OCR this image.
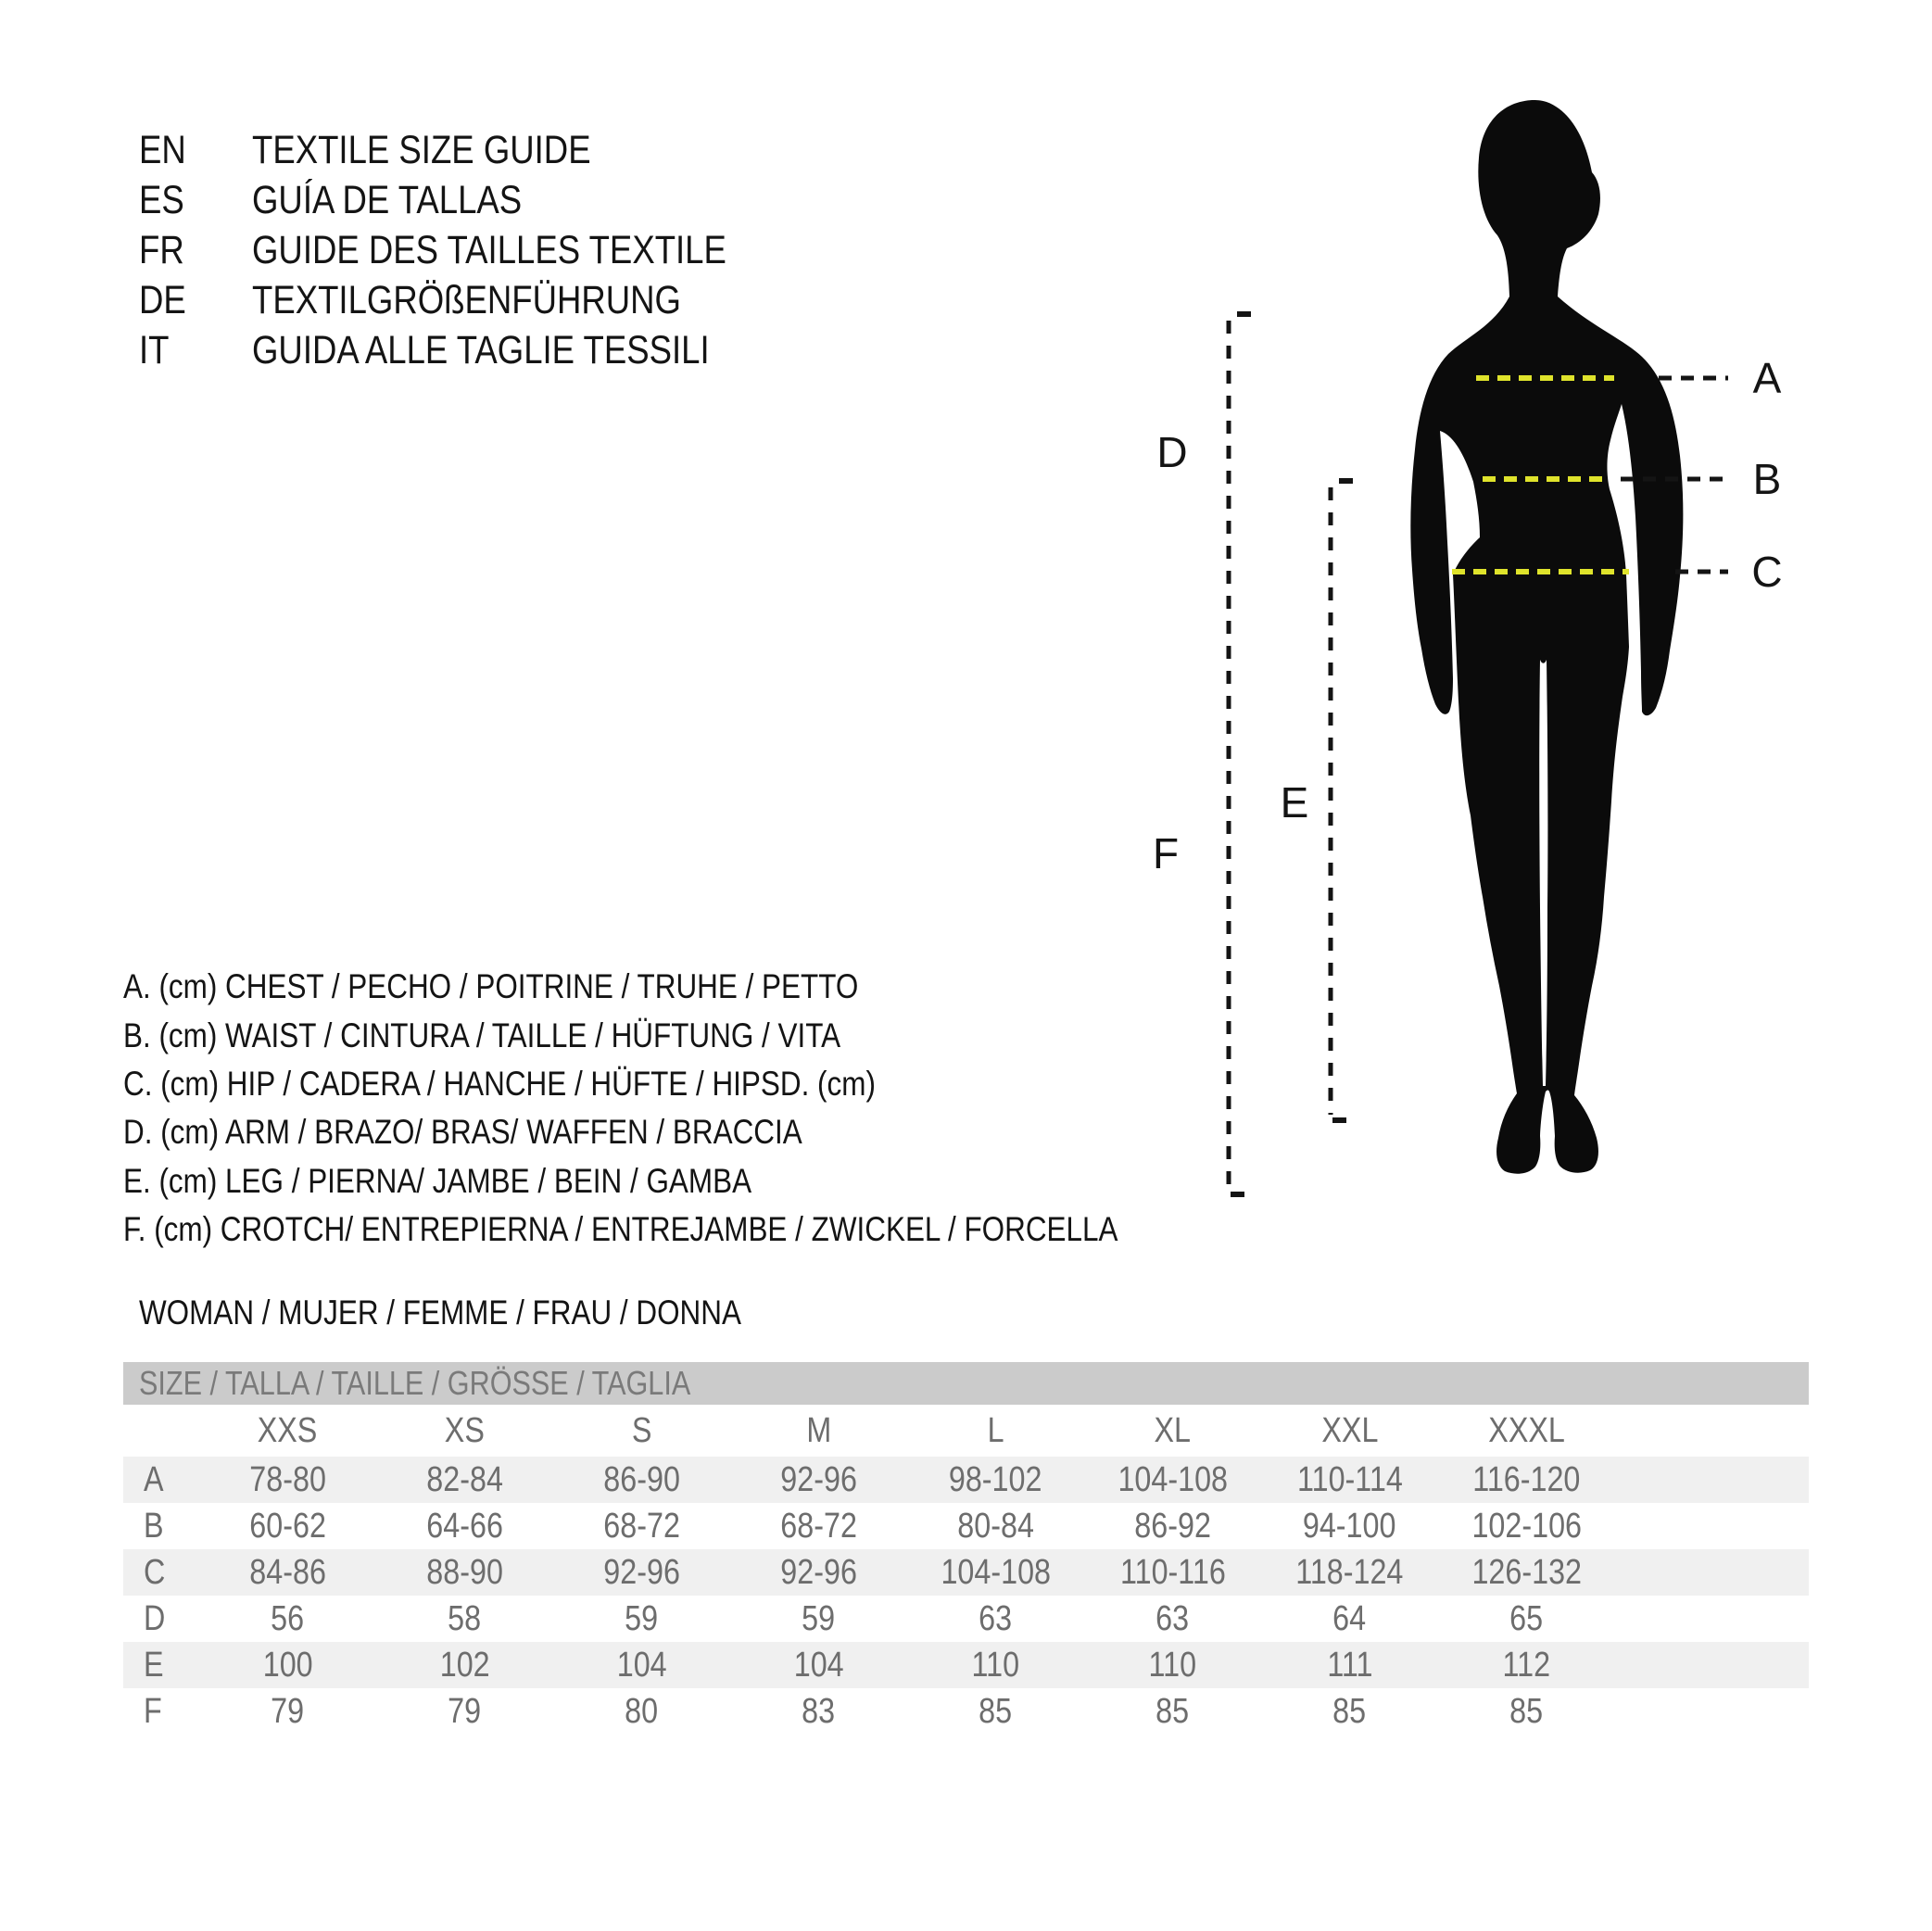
EN	TEXTILE SIZE GUIDE
ES	GUÍA DE TALLAS
FR	GUIDE DES TAILLES TEXTILE
DE	TEXTILGRÖßENFÜHRUNG
IT	GUIDA ALLE TAGLIE TESSILI
A
B
C
D
E
F
A. (cm) CHEST / PECHO / POITRINE / TRUHE / PETTO
B. (cm) WAIST / CINTURA / TAILLE / HÜFTUNG / VITA
C. (cm) HIP / CADERA / HANCHE / HÜFTE / HIPSD. (cm)
D. (cm) ARM / BRAZO/ BRAS/ WAFFEN / BRACCIA
E. (cm) LEG / PIERNA/ JAMBE / BEIN / GAMBA
F. (cm) CROTCH/ ENTREPIERNA / ENTREJAMBE / ZWICKEL / FORCELLA
WOMAN / MUJER / FEMME / FRAU / DONNA
SIZE / TALLA / TAILLE / GRÖSSE / TAGLIA
XXS	XS	S	M	L	XL	XXL	XXXL
A	78-80	82-84	86-90	92-96	98-102 104-108 110-114 116-120
B	60-62	64-66	68-72	68-72	80-84	86-92	94-100 102-106
C	84-86	88-90	92-96	92-96 104-108 110-116 118-124 126-132
D	56	58	59	59	63	63	64	65
E	100	102	104	104	110	110	111	112
F	79	79	80	83	85	85	85	85
